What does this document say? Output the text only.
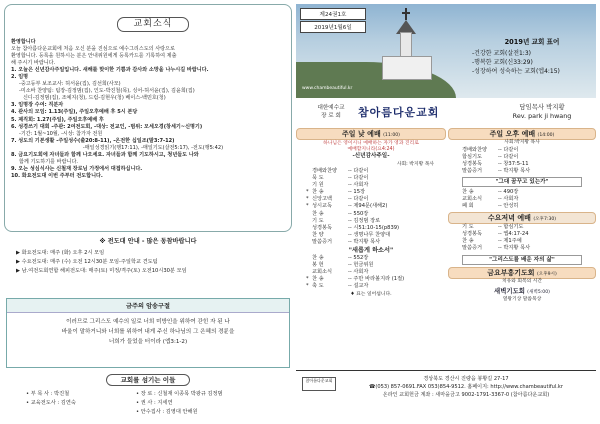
교회소식
환영합니다
오늘 참아름다운교회에 처음 오신 분을 진심으로 예수그리스도의 사랑으로
환영합니다. 등록을 원하시는 분은 안내위원에게 등록카드를 기록하여 제출
해 주시기 바랍니다.
1. 오늘은 신년감사주일입니다. 새해를 맞이한 기쁨과 감사와 소망을 나누시길 바랍니다.
2. 임명
-중고등부 보조교사: 허서윤(집), 김선희(사모)
-미소바 찬양팀: 팀장-김정범(집), 인도-박진철(목), 싱어-허서윤(집), 김윤희(집)
신디-김정범(집), 조예지(청), 드럼-김현우(청) 베이스-백민호(청)
3. 임명장 수여: 직분자
4. 관사의 모임: 1.13(주일), 주일오후예배 후 5시 본당
5. 제직회: 1.27(주일), 주일오후예배 후
6. 성경쓰기 대회 -주관: 2여전도회, -대상: 전교인, -범위: 모세오경(창세기~신명기)
-기간: 1월~10월, -시상: 참가자 전원
7. 성도의 기본생활 -주일성수(출20:8-11), -온전한 십일조(말3:7-12)
-매일성경읽기(행17:11), -매일기도(살전5:17), -전도(행5:42)
8. 금요기도회에 자녀들과 함께 나오세요. 자녀들과 함께 기도하시고, 청년들도 나와
함께 기도하기를 바랍니다.
9. 오는 성심식사는 신철재 장로님 가정에서 대접하십니다.
10. 화요전도대 이번 주부터 전도합니다.
※ 전도대 안내 - 많은 동참바랍니다
▶ 화요전도대: 매주 (화) 오후 2시 모임
▶ 수요전도대: 매주 (수) 오전 12시30분 모임-주일학교 견도팀
▶ 남.여전도회연합 해피전도대: 매주(토) 미정/격주(토) 오전10시30분 모임
금주의 암송구절
이러므로 그리스도 예수의 일로 너희 미방인을 위하여 갇힌 자 된 나
바울이 말하거니와 너희를 위하여 내게 주신 하나님의 그 은혜의 경륜을
너희가 들었을 터이라 (엡3:1-2)
교회를 섬기는 이들
• 부 목 사 : 박진철
• 교육전도사 : 김연숙
• 장 로 : 신철재 이종목 박광규 김정범
• 권 사 : 지세연
• 안수집사 : 김영대 안해원
제24권1호
2019년1월6일
2019년 교회 표어
-건강한 교회(살전1:3)
-행복한 교회(신33:29)
-성장하여 성숙하는 교회(엡4:15)
www.chambeautiful.kr
대한예수교
장 로 회	참아름다운교회	담임목사 박지황
Rev. park ji hwang
주일 낮 예배 (11:00)
하나님은 영이시니 예배하는 자가 영과 진리로
예배할지니라(요4:24)
-신년감사주일-
사회: 박지황 목사
경배와찬양	-- 다같이
묵 도	-- 다같이
기 원	-- 사회자
* 찬 송	-- 15장
* 신앙고백	-- 다같이
* 성시교독	-- 제94문(새해2)
찬 송	-- 550장
기 도	-- 김정범 장로
성경봉독	-- 시51:10-15(p839)
찬 양	-- 생명나무 찬양대
말씀증거	-- 박지황 목사
"새롭게 하소서"
찬 송	-- 552장
봉 헌	-- 헌금위원
교회소식	-- 사회자
* 찬 송	-- 주만 바라볼지라 (1절)
* 축 도	-- 설교자
♦ 표는 일어섭니다.
주일 오후 예배 (14:00)
사회:박지황 목사
경배와찬양	-- 다같이
합심기도	-- 다같이
성경봉독	-- 창37:5-11
말씀증거	-- 박지황 목사
"그대 꿈꾸고 있는가"
찬 송	-- 490장
교회소식	-- 사회자
폐 회	-- 안성히
수요저녁 예배 (오후7:30)
기 도	-- 합심기도
성경봉독	-- 엡4:17-24
찬 송	-- 제1주예
말씀증거	-- 박지황 목사
"그리스도를 배운 자의 삶"
금요부흥기도회 (오후9시)
치유와 회복의 시간
새벽기도회 (새벽5:00)
열왕기상 말씀묵상
참아름다운교회	경상북도 경산시 진량읍 봉황길 27-17
☎(053) 857-0691.FAX 053)854-9512. 홈페이지: http://www.chambeautiful.kr
온라인 교회헌금 계좌 : 새마을금고 9002-1791-3367-0 (참아름다운교회)
